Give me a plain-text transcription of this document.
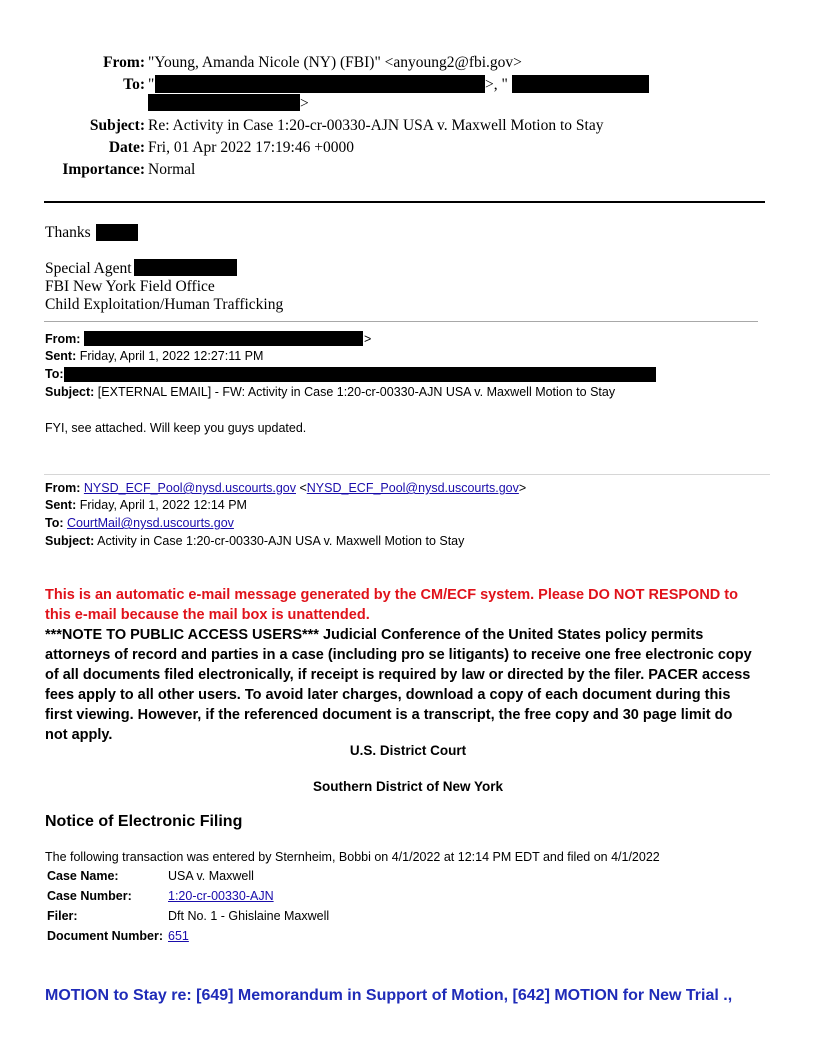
From: "Young, Amanda Nicole (NY) (FBI)" <anyoung2@fbi.gov>
To: "	>, "
>
Subject: Re: Activity in Case 1:20-cr-00330-AJN USA v. Maxwell Motion to Stay
Date: Fri, 01 Apr 2022 17:19:46 +0000
Importance: Normal
Thanks
Special Agent
FBI New York Field Office
Child Exploitation/Human Trafficking
From:	>
Sent: Friday, April 1, 2022 12:27:11 PM
To:
Subject: [EXTERNAL EMAIL] - FW: Activity in Case 1:20-cr-00330-AJN USA v. Maxwell Motion to Stay
FYI, see attached. Will keep you guys updated.
From: NYSD_ECF_Pool@nysd.uscourts.gov <NYSD_ECF_Pool@nysd.uscourts.gov>
Sent: Friday, April 1, 2022 12:14 PM
To: CourtMail@nysd.uscourts.gov
Subject: Activity in Case 1:20-cr-00330-AJN USA v. Maxwell Motion to Stay
This is an automatic e-mail message generated by the CM/ECF system. Please DO NOT RESPOND to this e-mail because the mail box is unattended.
***NOTE TO PUBLIC ACCESS USERS*** Judicial Conference of the United States policy permits attorneys of record and parties in a case (including pro se litigants) to receive one free electronic copy of all documents filed electronically, if receipt is required by law or directed by the filer. PACER access fees apply to all other users. To avoid later charges, download a copy of each document during this first viewing. However, if the referenced document is a transcript, the free copy and 30 page limit do not apply.
U.S. District Court
Southern District of New York
Notice of Electronic Filing
The following transaction was entered by Sternheim, Bobbi on 4/1/2022 at 12:14 PM EDT and filed on 4/1/2022
Case Name:	USA v. Maxwell
Case Number:	1:20-cr-00330-AJN
Filer:	Dft No. 1 - Ghislaine Maxwell
Document Number: 651
MOTION to Stay re: [649] Memorandum in Support of Motion, [642] MOTION for New Trial .,
